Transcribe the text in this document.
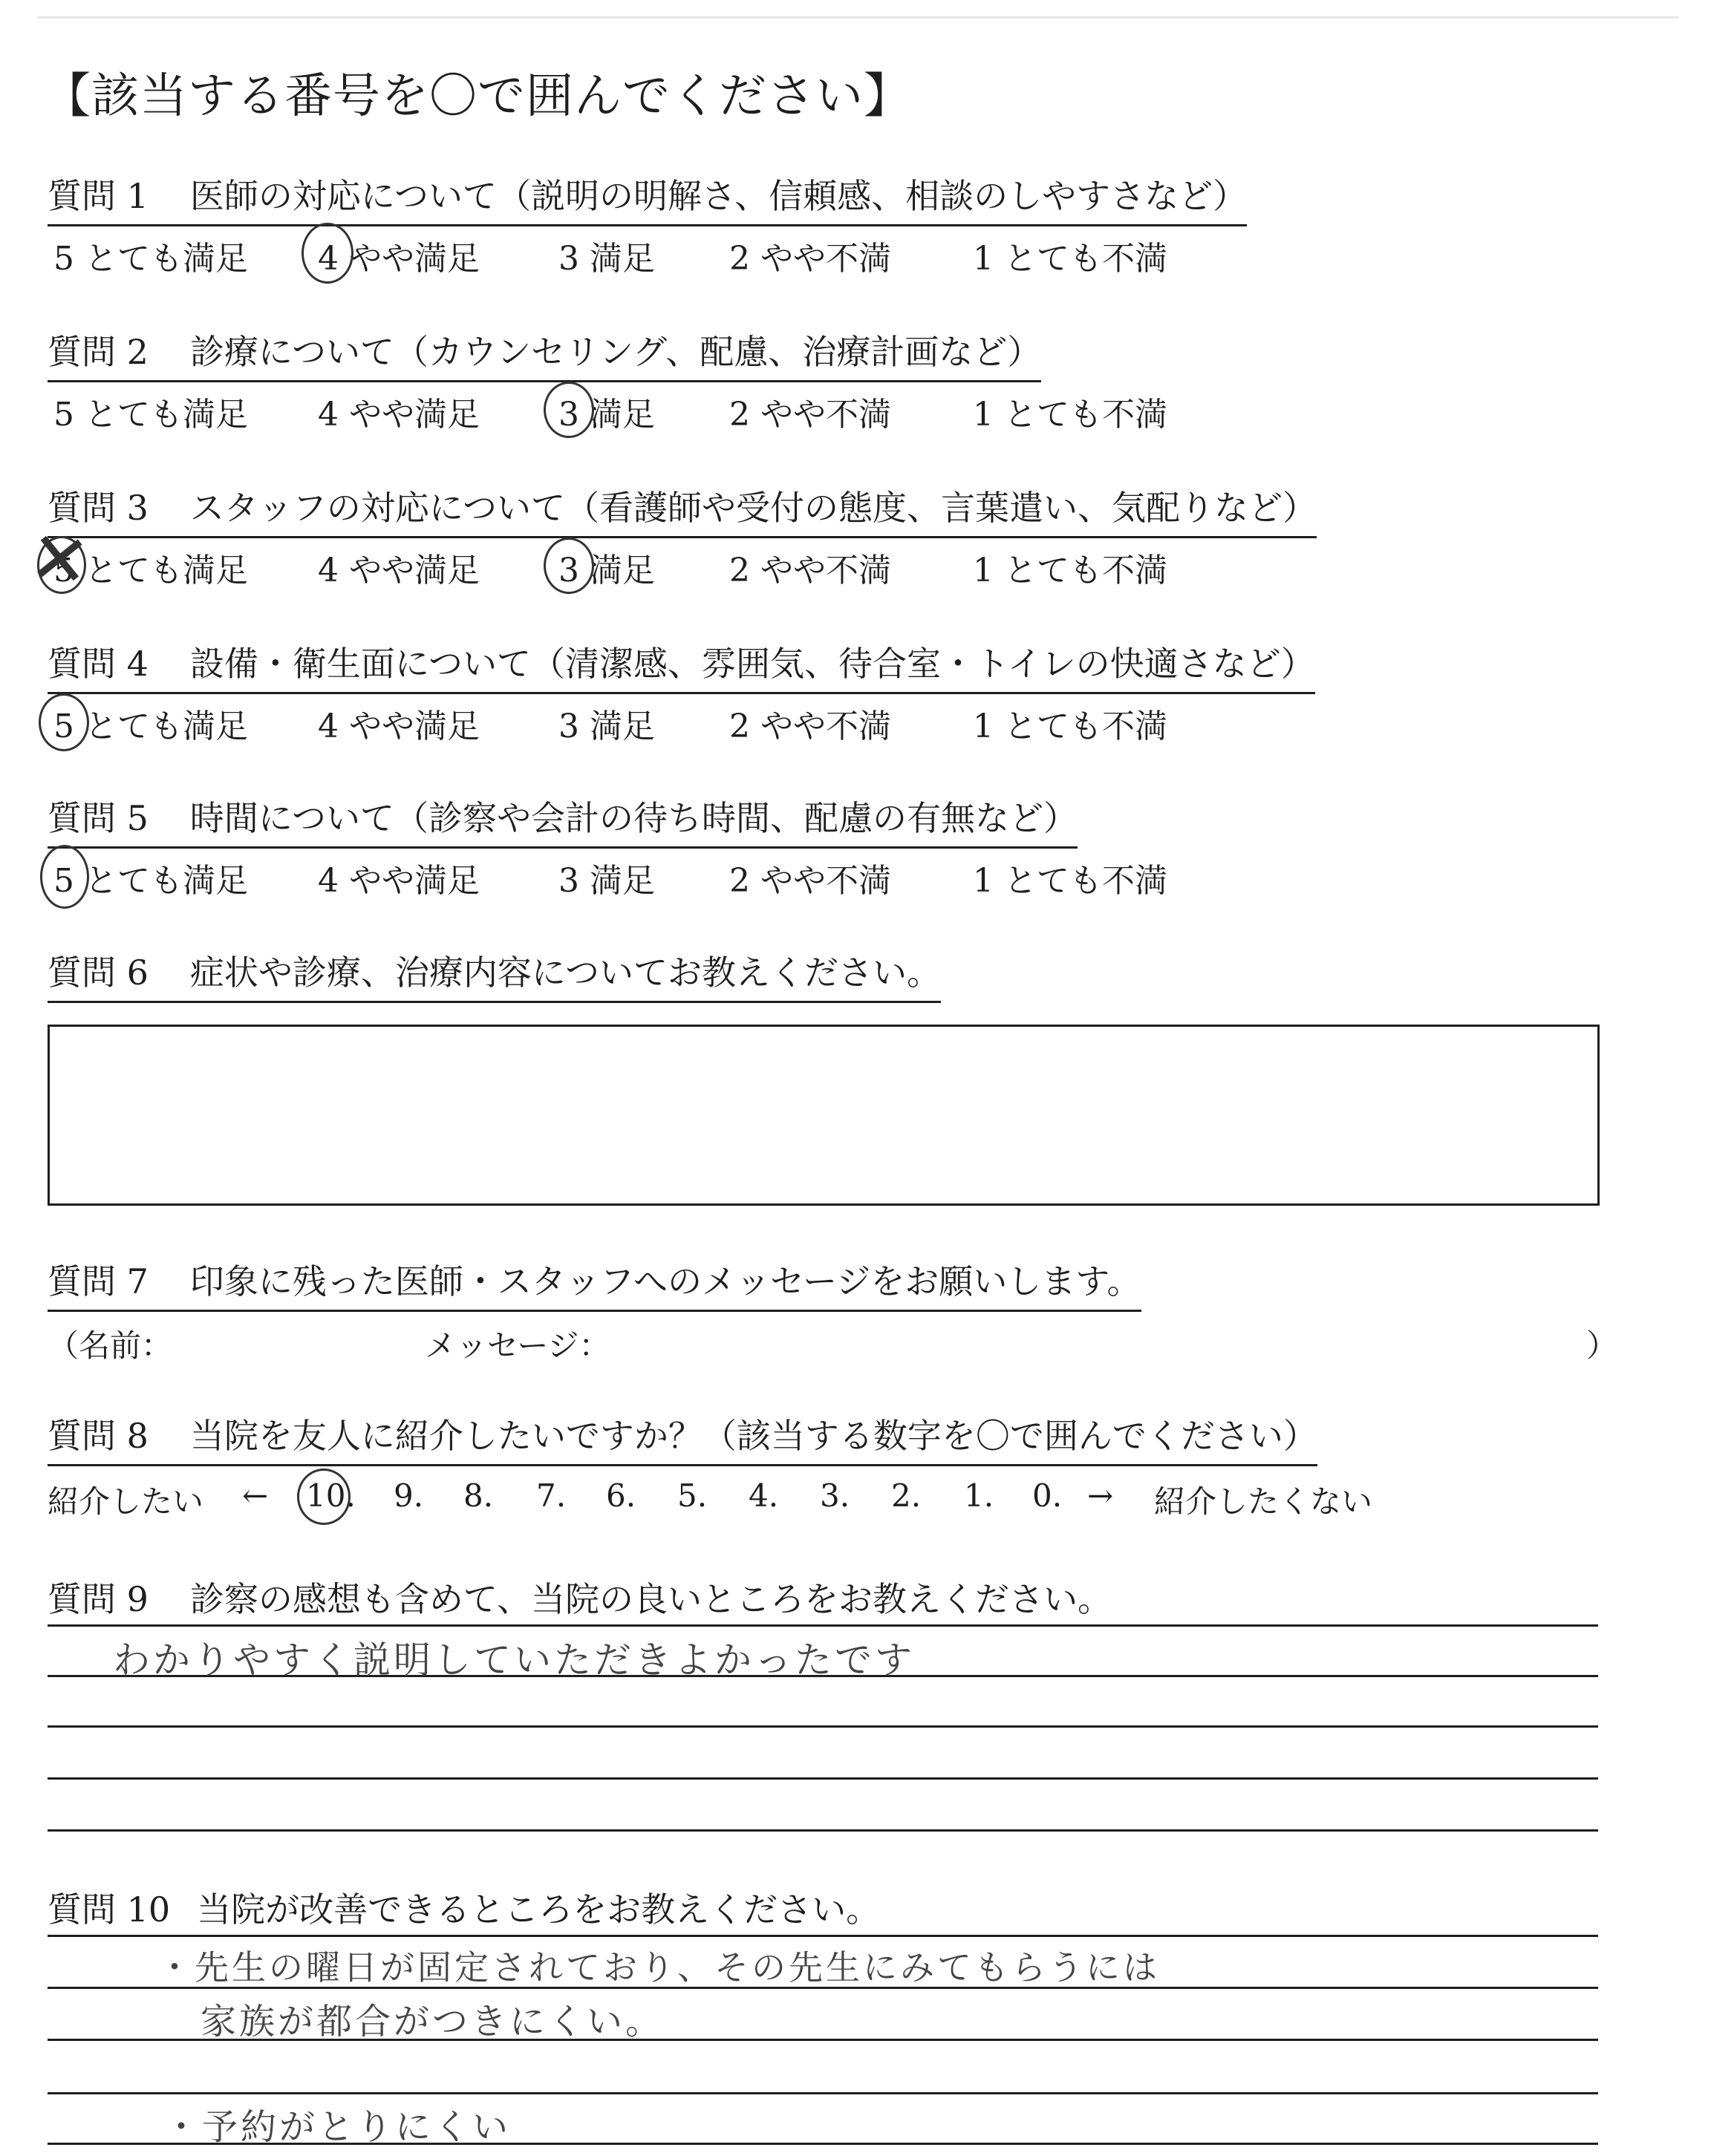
【該当する番号を〇で囲んでください】
質問 1 医師の対応について（説明の明解さ、信頼感、相談のしやすさなど）
5 とても満足 4 やや満足 3 満足 2 やや不満	1 とても不満
質問 2 診療について（カウンセリング、配慮、治療計画など）
5 とても満足 4 やや満足 3 満足 2 やや不満	1 とても不満
質問 3 スタッフの対応について（看護師や受付の態度、言葉遣い、気配りなど）
5 とても満足 4 やや満足 3 満足 2 やや不満	1 とても不満
✕
質問 4 設備・衛生面について（清潔感、雰囲気、待合室・トイレの快適さなど）
5 とても満足 4 やや満足 3 満足 2 やや不満	1 とても不満
質問 5 時間について（診察や会計の待ち時間、配慮の有無など）
5 とても満足 4 やや満足 3 満足 2 やや不満	1 とても不満
質問 6 症状や診療、治療内容についてお教えください。
質問 7 印象に残った医師・スタッフへのメッセージをお願いします。
（名前：	メッセージ：	）
質問 8 当院を友人に紹介したいですか？（該当する数字を〇で囲んでください）
紹介したい ← 10. 9. 8. 7. 6. 5. 4. 3. 2. 1. 0. → 紹介したくない
質問 9 診察の感想も含めて、当院の良いところをお教えください。
わかりやすく説明していただきよかったです
質問 10 当院が改善できるところをお教えください。
・先生の曜日が固定されており、その先生にみてもらうには
家族が都合がつきにくい。
・予約がとりにくい
